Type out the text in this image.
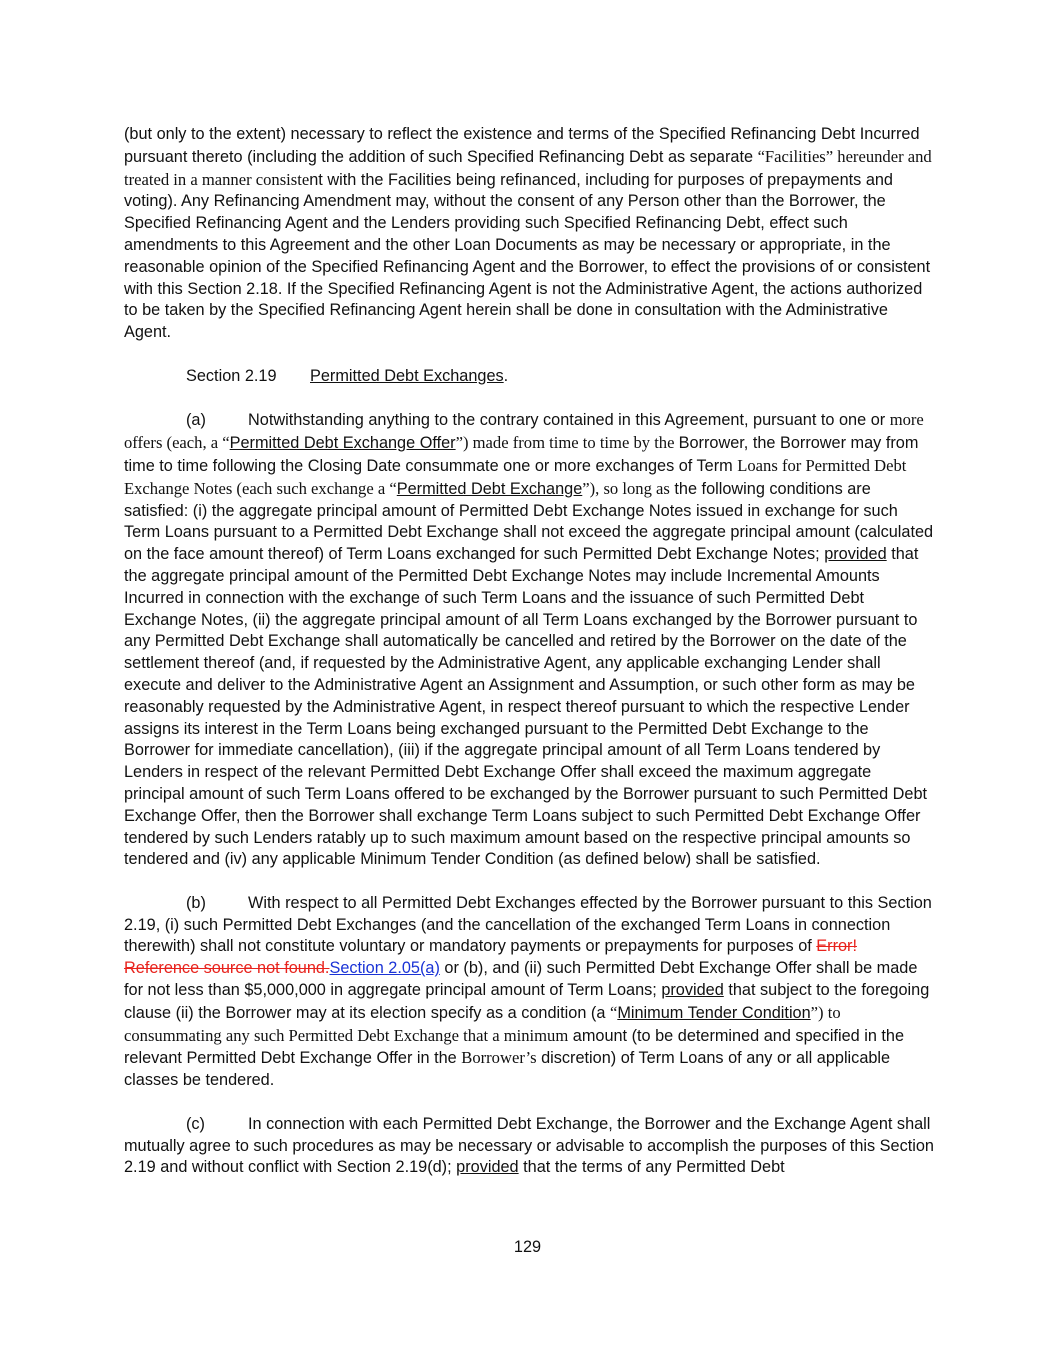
(but only to the extent) necessary to reflect the existence and terms of the Specified Refinancing Debt Incurred pursuant thereto (including the addition of such Specified Refinancing Debt as separate “Facilities” hereunder and treated in a manner consistent with the Facilities being refinanced, including for purposes of prepayments and voting). Any Refinancing Amendment may, without the consent of any Person other than the Borrower, the Specified Refinancing Agent and the Lenders providing such Specified Refinancing Debt, effect such amendments to this Agreement and the other Loan Documents as may be necessary or appropriate, in the reasonable opinion of the Specified Refinancing Agent and the Borrower, to effect the provisions of or consistent with this Section 2.18. If the Specified Refinancing Agent is not the Administrative Agent, the actions authorized to be taken by the Specified Refinancing Agent herein shall be done in consultation with the Administrative Agent.

Section 2.19 Permitted Debt Exchanges.

(a)	Notwithstanding anything to the contrary contained in this Agreement, pursuant to one or more offers (each, a “Permitted Debt Exchange Offer”) made from time to time by the Borrower, the Borrower may from time to time following the Closing Date consummate one or more exchanges of Term Loans for Permitted Debt Exchange Notes (each such exchange a “Permitted Debt Exchange”), so long as the following conditions are satisfied: (i) the aggregate principal amount of Permitted Debt Exchange Notes issued in exchange for such Term Loans pursuant to a Permitted Debt Exchange shall not exceed the aggregate principal amount (calculated on the face amount thereof) of Term Loans exchanged for such Permitted Debt Exchange Notes; provided that the aggregate principal amount of the Permitted Debt Exchange Notes may include Incremental Amounts Incurred in connection with the exchange of such Term Loans and the issuance of such Permitted Debt Exchange Notes, (ii) the aggregate principal amount of all Term Loans exchanged by the Borrower pursuant to any Permitted Debt Exchange shall automatically be cancelled and retired by the Borrower on the date of the settlement thereof (and, if requested by the Administrative Agent, any applicable exchanging Lender shall execute and deliver to the Administrative Agent an Assignment and Assumption, or such other form as may be reasonably requested by the Administrative Agent, in respect thereof pursuant to which the respective Lender assigns its interest in the Term Loans being exchanged pursuant to the Permitted Debt Exchange to the Borrower for immediate cancellation), (iii) if the aggregate principal amount of all Term Loans tendered by Lenders in respect of the relevant Permitted Debt Exchange Offer shall exceed the maximum aggregate principal amount of such Term Loans offered to be exchanged by the Borrower pursuant to such Permitted Debt Exchange Offer, then the Borrower shall exchange Term Loans subject to such Permitted Debt Exchange Offer tendered by such Lenders ratably up to such maximum amount based on the respective principal amounts so tendered and (iv) any applicable Minimum Tender Condition (as defined below) shall be satisfied.

(b)	With respect to all Permitted Debt Exchanges effected by the Borrower pursuant to this Section 2.19, (i) such Permitted Debt Exchanges (and the cancellation of the exchanged Term Loans in connection therewith) shall not constitute voluntary or mandatory payments or prepayments for purposes of Error! Reference source not found.Section 2.05(a) or (b), and (ii) such Permitted Debt Exchange Offer shall be made for not less than $5,000,000 in aggregate principal amount of Term Loans; provided that subject to the foregoing clause (ii) the Borrower may at its election specify as a condition (a “Minimum Tender Condition”) to consummating any such Permitted Debt Exchange that a minimum amount (to be determined and specified in the relevant Permitted Debt Exchange Offer in the Borrower’s discretion) of Term Loans of any or all applicable classes be tendered.

(c)	In connection with each Permitted Debt Exchange, the Borrower and the Exchange Agent shall mutually agree to such procedures as may be necessary or advisable to accomplish the purposes of this Section 2.19 and without conflict with Section 2.19(d); provided that the terms of any Permitted Debt

129
